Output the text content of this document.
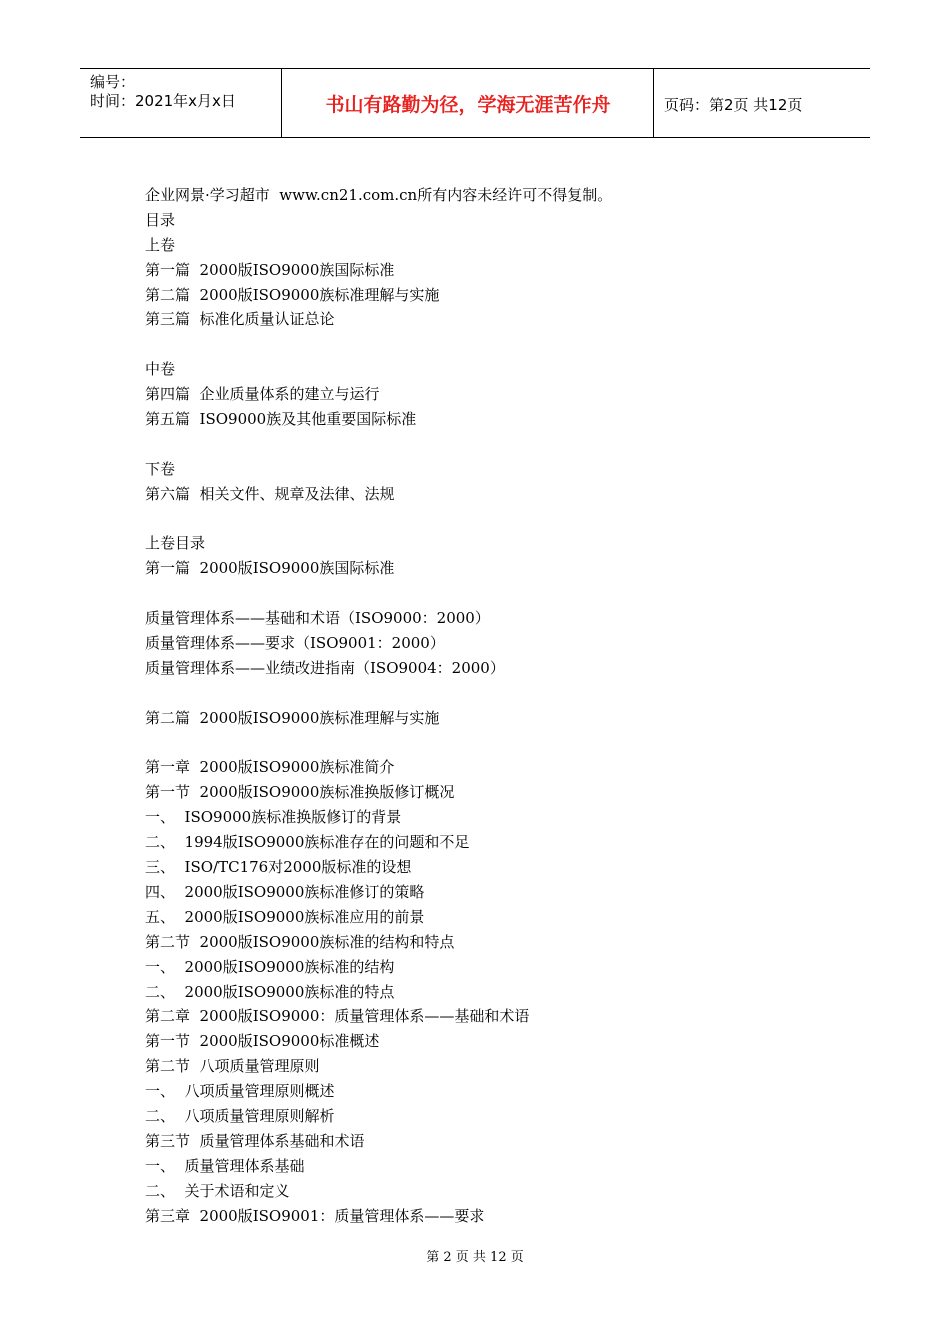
编号：
时间：2021年x月x日	书山有路勤为径，学海无涯苦作舟	页码：第2页 共12页
企业网景·学习超市  www.cn21.com.cn所有内容未经许可不得复制。
目录
上卷
第一篇  2000版ISO9000族国际标准
第二篇  2000版ISO9000族标准理解与实施
第三篇  标准化质量认证总论
中卷
第四篇  企业质量体系的建立与运行
第五篇  ISO9000族及其他重要国际标准
下卷
第六篇  相关文件、规章及法律、法规
上卷目录
第一篇  2000版ISO9000族国际标准
质量管理体系——基础和术语（ISO9000：2000）
质量管理体系——要求（ISO9001：2000）
质量管理体系——业绩改进指南（ISO9004：2000）
第二篇  2000版ISO9000族标准理解与实施
第一章  2000版ISO9000族标准简介
第一节  2000版ISO9000族标准换版修订概况
一、  ISO9000族标准换版修订的背景
二、  1994版ISO9000族标准存在的问题和不足
三、  ISO/TC176对2000版标准的设想
四、  2000版ISO9000族标准修订的策略
五、  2000版ISO9000族标准应用的前景
第二节  2000版ISO9000族标准的结构和特点
一、  2000版ISO9000族标准的结构
二、  2000版ISO9000族标准的特点
第二章  2000版ISO9000：质量管理体系——基础和术语
第一节  2000版ISO9000标准概述
第二节  八项质量管理原则
一、  八项质量管理原则概述
二、  八项质量管理原则解析
第三节  质量管理体系基础和术语
一、  质量管理体系基础
二、  关于术语和定义
第三章  2000版ISO9001：质量管理体系——要求
第 2 页 共 12 页
